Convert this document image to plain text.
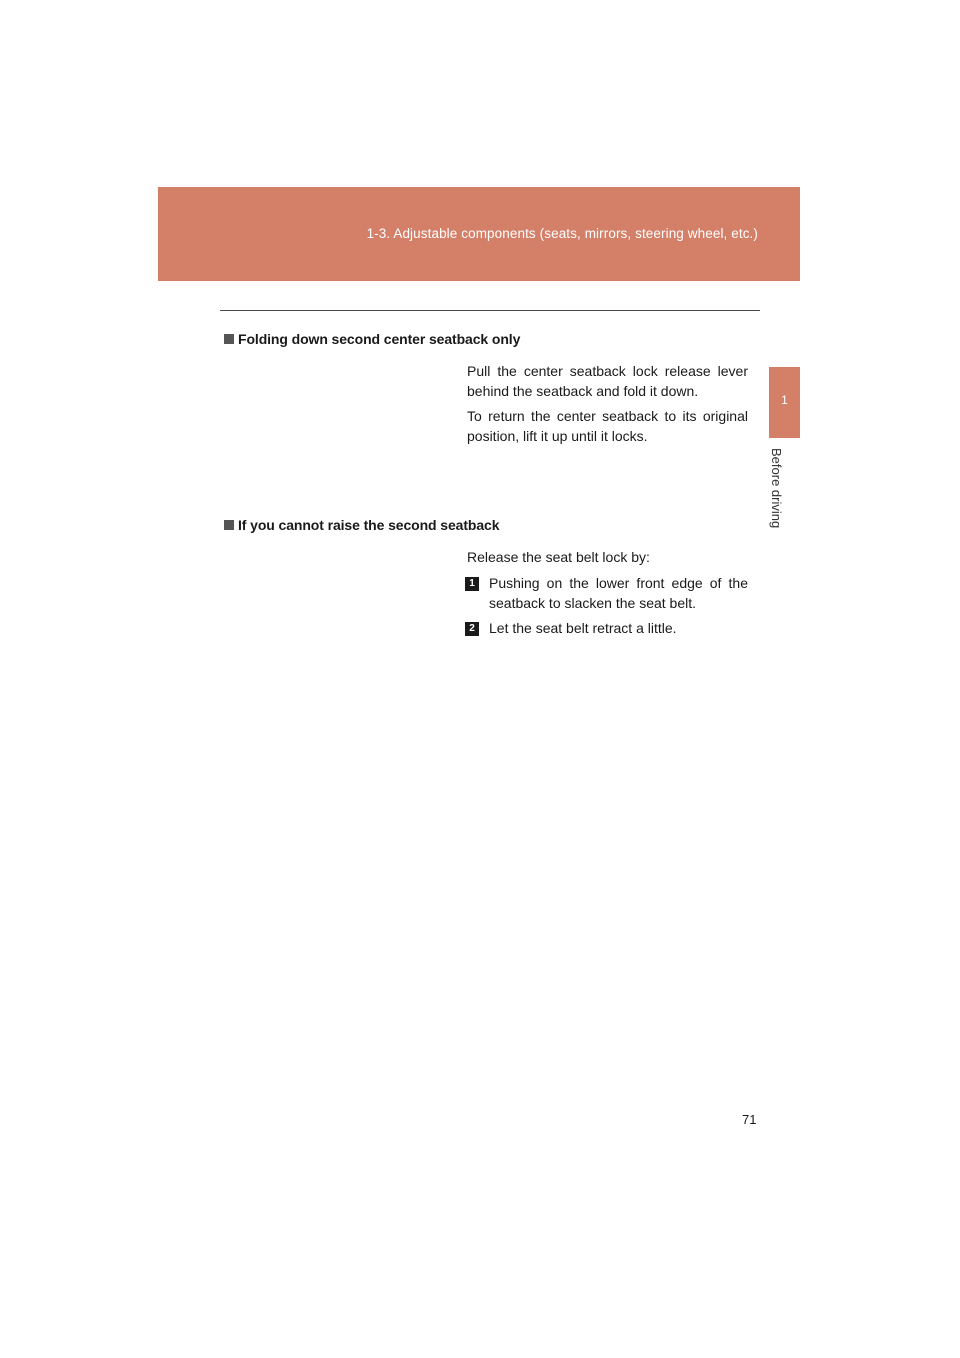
1-3. Adjustable components (seats, mirrors, steering wheel, etc.)
1
Before driving
Folding down second center seatback only

Pull the center seatback lock release lever behind the seatback and fold it down.

To return the center seatback to its original position, lift it up until it locks.

If you cannot raise the second seatback

Release the seat belt lock by:

1	Pushing on the lower front edge of the seatback to slacken the seat belt.
2	Let the seat belt retract a little.
71
